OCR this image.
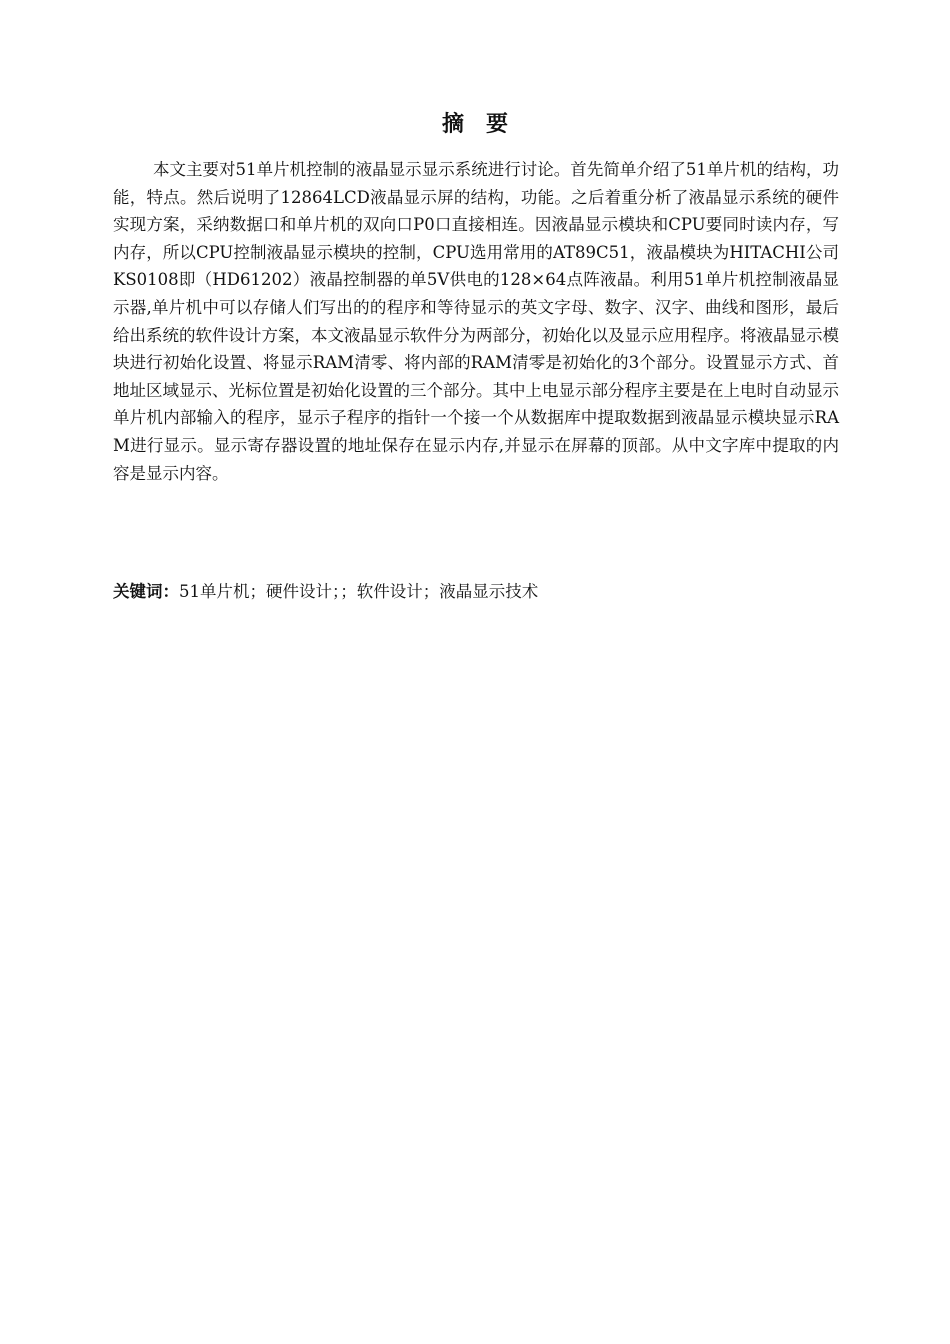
摘要

本文主要对51单片机控制的液晶显示显示系统进行讨论。首先简单介绍了51单片机的结构，功能，特点。然后说明了12864LCD液晶显示屏的结构，功能。之后着重分析了液晶显示系统的硬件实现方案，采纳数据口和单片机的双向口P0口直接相连。因液晶显示模块和CPU要同时读内存，写内存，所以CPU控制液晶显示模块的控制，CPU选用常用的AT89C51，液晶模块为HITACHI公司KS0108即（HD61202）液晶控制器的单5V供电的128×64点阵液晶。利用51单片机控制液晶显示器,单片机中可以存储人们写出的的程序和等待显示的英文字母、数字、汉字、曲线和图形，最后给出系统的软件设计方案，本文液晶显示软件分为两部分，初始化以及显示应用程序。将液晶显示模块进行初始化设置、将显示RAM清零、将内部的RAM清零是初始化的3个部分。设置显示方式、首地址区域显示、光标位置是初始化设置的三个部分。其中上电显示部分程序主要是在上电时自动显示单片机内部输入的程序，显示子程序的指针一个接一个从数据库中提取数据到液晶显示模块显示RAM进行显示。显示寄存器设置的地址保存在显示内存,并显示在屏幕的顶部。从中文字库中提取的内容是显示内容。

关键词：51单片机；硬件设计；；软件设计；液晶显示技术
